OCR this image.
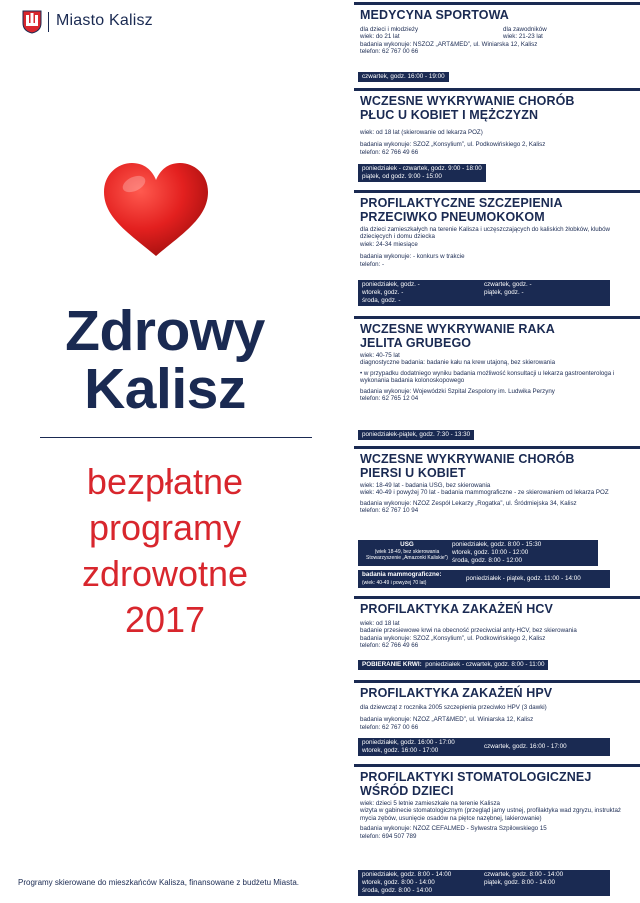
Miasto Kalisz
Zdrowy
Kalisz
bezpłatne
programy
zdrowotne
2017
Programy skierowane do mieszkańców Kalisza, finansowane z budżetu Miasta.
MEDYCYNA SPORTOWA
dla dzieci i młodzieży
wiek: do 21 lat
dla zawodników
wiek: 21-23 lat
badania wykonuje: NSZOZ „ART&MED”, ul. Winiarska 12, Kalisz
telefon: 62 767 00 66
czwartek, godz. 16:00 - 19:00
WCZESNE WYKRYWANIE CHORÓB
PŁUC U KOBIET I MĘŻCZYZN
wiek: od 18 lat (skierowanie od lekarza POZ)
badania wykonuje: SZOZ „Konsylium”, ul. Podkowińskiego 2, Kalisz
telefon: 62 766 49 66
poniedziałek - czwartek, godz. 9:00 - 18:00
piątek, od godz. 9:00 - 15:00
PROFILAKTYCZNE SZCZEPIENIA
PRZECIWKO PNEUMOKOKOM
dla dzieci zamieszkałych na terenie Kalisza i uczęszczających do kaliskich żłobków, klubów dziecięcych i domu dziecka
wiek: 24-34 miesiące
badania wykonuje: - konkurs w trakcie
telefon: -
poniedziałek, godz. -
wtorek, godz. -
środa, godz. -
czwartek, godz. -
piątek, godz. -
WCZESNE WYKRYWANIE RAKA
JELITA GRUBEGO
wiek: 40-75 lat
diagnostyczne badania: badanie kału na krew utajoną, bez skierowania
• w przypadku dodatniego wyniku badania możliwość konsultacji u lekarza gastroenterologa i wykonania badania kolonoskopowego
badania wykonuje: Wojewódzki Szpital Zespolony im. Ludwika Perzyny
telefon: 62 765 12 04
poniedziałek-piątek, godz. 7:30 - 13:30
WCZESNE WYKRYWANIE CHORÓB
PIERSI U KOBIET
wiek: 18-49 lat - badania USG, bez skierowania
wiek: 40-49 i powyżej 70 lat - badania mammograficzne - ze skierowaniem od lekarza POZ
badania wykonuje: NZOZ Zespół Lekarzy „Rogatka”, ul. Śródmiejska 34, Kalisz
telefon: 62 767 10 94
USG
(wiek 18-49, bez skierowania Stowarzyszenie „Amazonki Kaliskie”)
poniedziałek, godz. 8:00 - 15:30
wtorek, godz. 10:00 - 12:00
środa, godz. 8:00 - 12:00
badania mammograficzne:
(wiek: 40-49 i powyżej 70 lat)
poniedziałek - piątek, godz. 11:00 - 14:00
PROFILAKTYKA ZAKAŻEŃ HCV
wiek: od 18 lat
badanie przesiewowe krwi na obecność przeciwciał anty-HCV, bez skierowania
badania wykonuje: SZOZ „Konsylium”, ul. Podkowińskiego 2, Kalisz
telefon: 62 766 49 66
POBIERANIE KRWI: poniedziałek - czwartek, godz. 8:00 - 11:00
PROFILAKTYKA ZAKAŻEŃ HPV
dla dziewcząt z rocznika 2005 szczepienia przeciwko HPV (3 dawki)
badania wykonuje: NZOZ „ART&MED”, ul. Winiarska 12, Kalisz
telefon: 62 767 00 66
poniedziałek, godz. 16:00 - 17:00
wtorek, godz. 16:00 - 17:00
czwartek, godz. 16:00 - 17:00
PROFILAKTYKI STOMATOLOGICZNEJ
WŚRÓD DZIECI
wiek: dzieci 5 letnie zamieszkałe na terenie Kalisza
wizyta w gabinecie stomatologicznym (przegląd jamy ustnej, profilaktyka wad zgryzu, instruktaż mycia zębów, usunięcie osadów na piętce nazębnej, lakierowanie)
badania wykonuje: NZOZ CEFALMED - Sylwestra Szpilowskiego 15
telefon: 694 507 789
poniedziałek, godz. 8:00 - 14:00
wtorek, godz. 8:00 - 14:00
środa, godz. 8:00 - 14:00
czwartek, godz. 8:00 - 14:00
piątek, godz. 8:00 - 14:00
